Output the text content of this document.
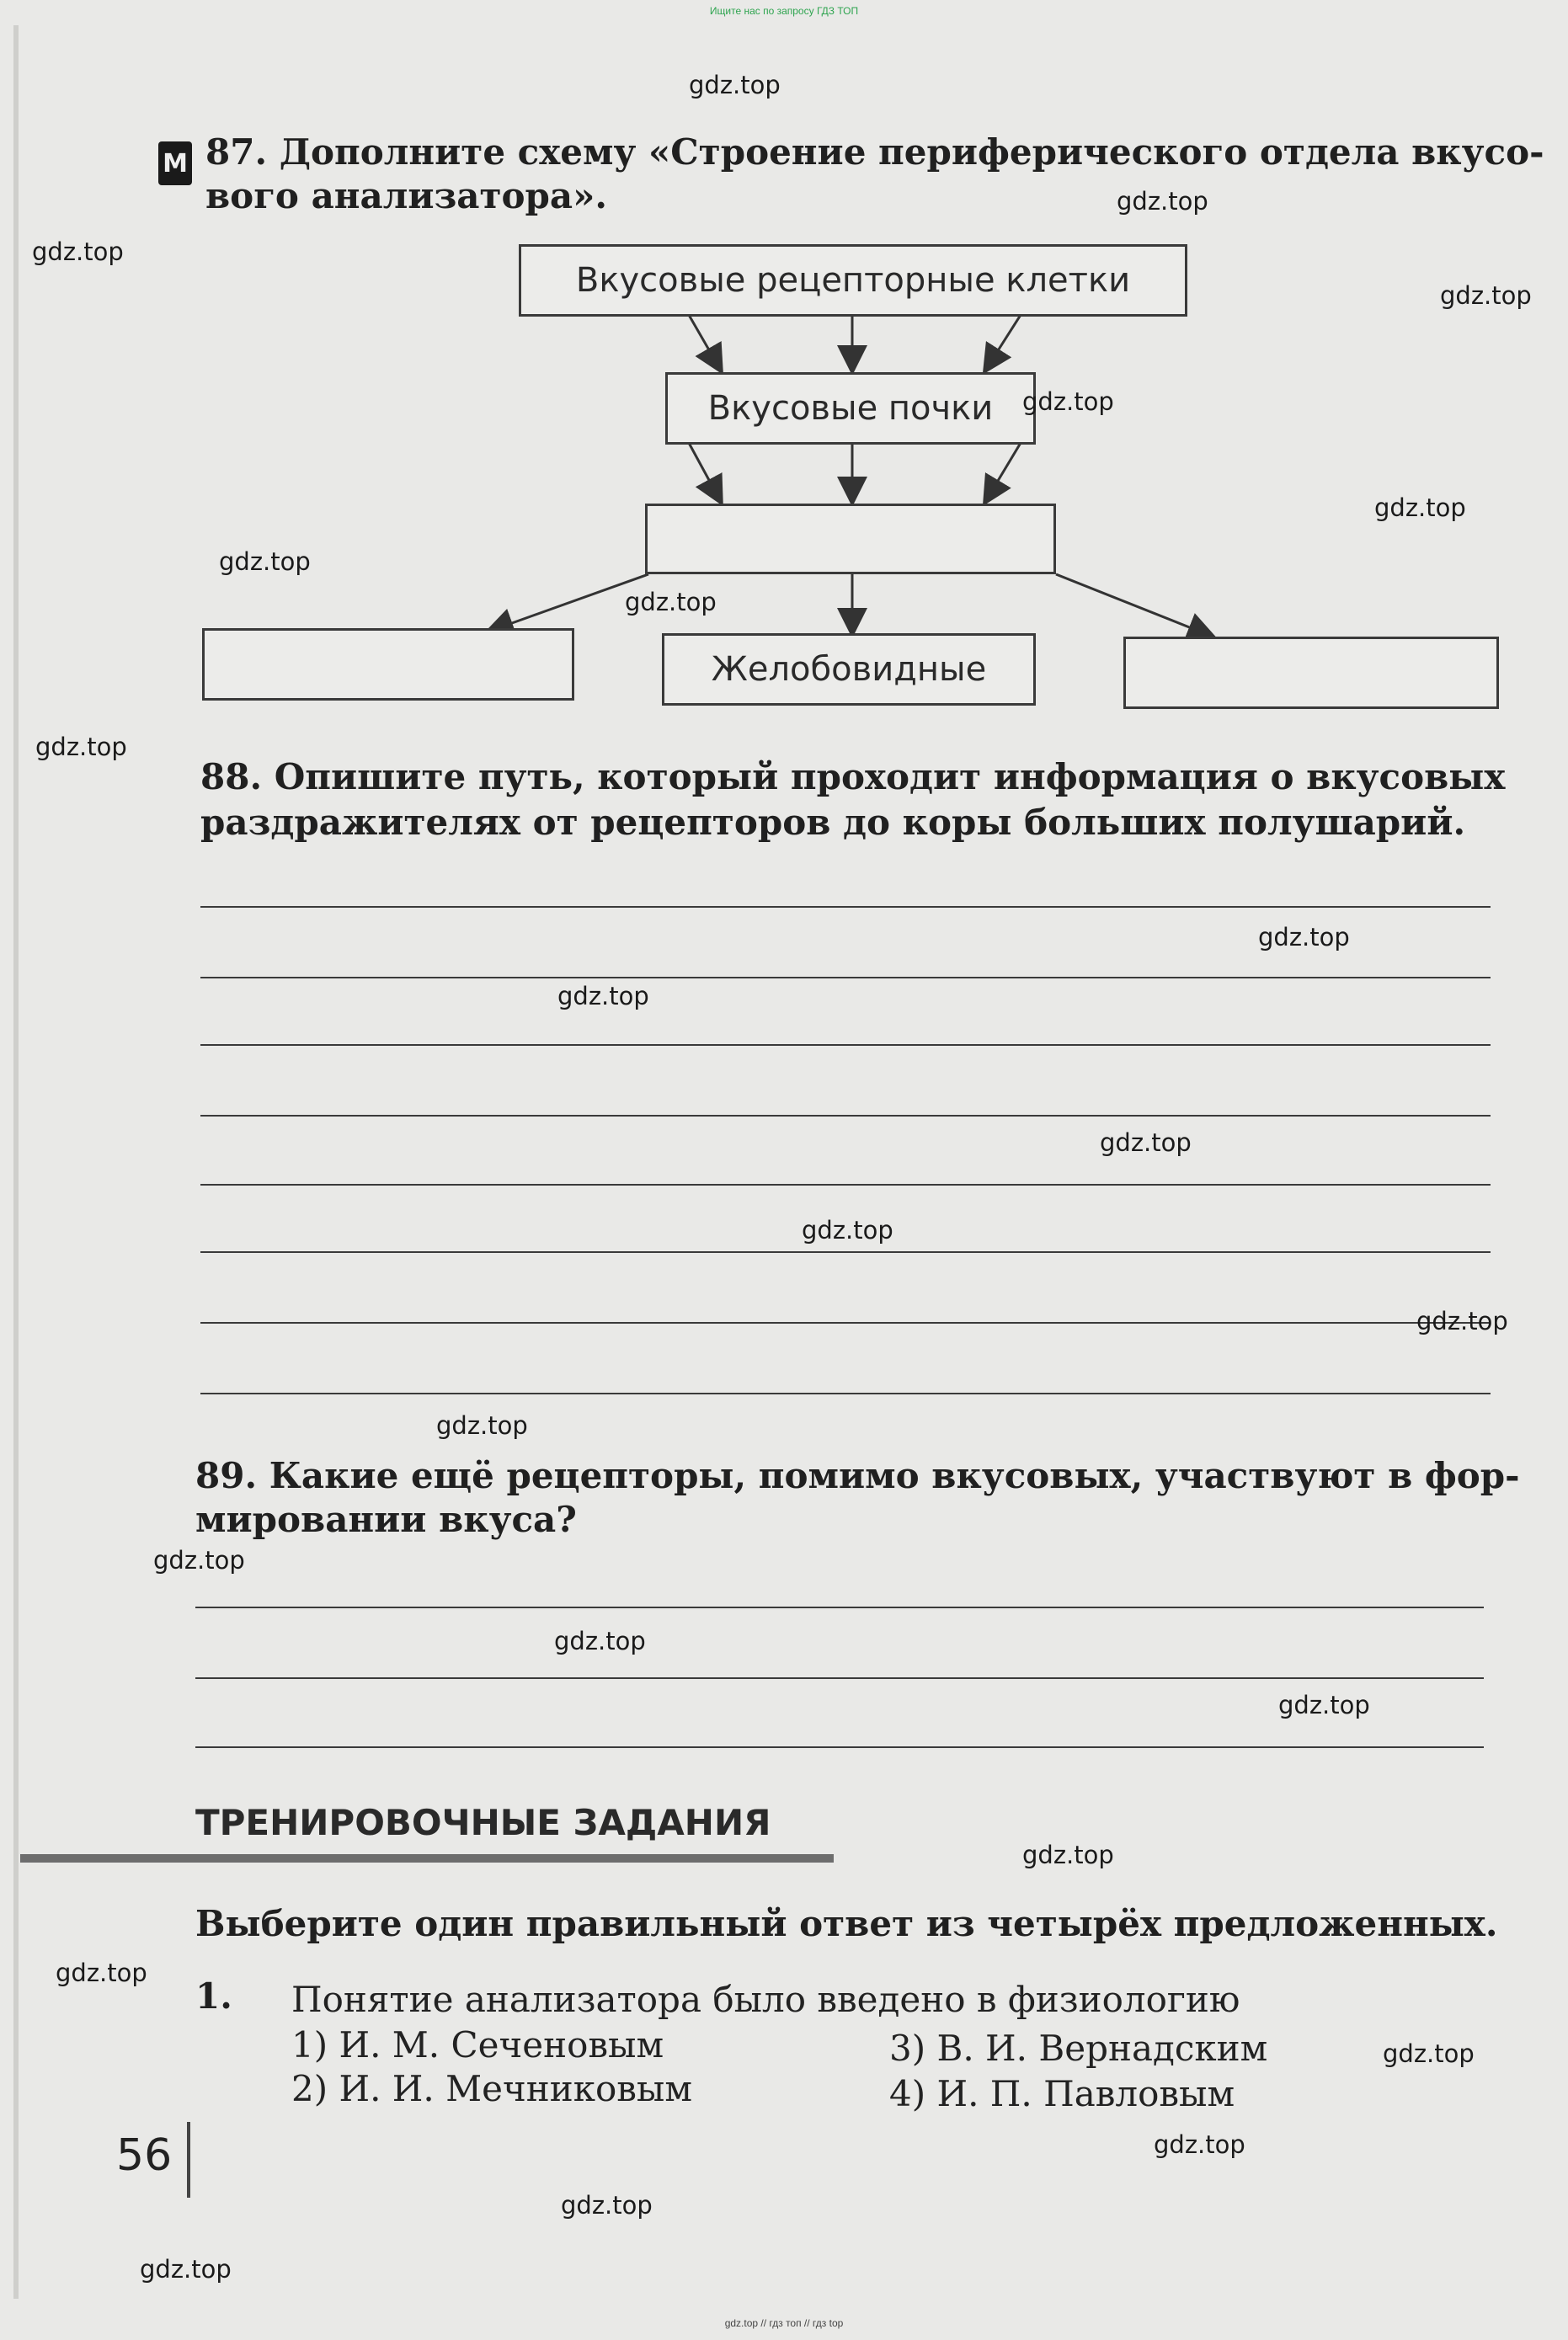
Ищите нас по запросу ГДЗ ТОП
М 87. Дополните схему «Строение периферического отдела вкусо-
вого анализатора».
Вкусовые рецепторные клетки
Вкусовые почки
Желобовидные
88. Опишите путь, который проходит информация о вкусовых
раздражителях от рецепторов до коры больших полушарий.
89. Какие ещё рецепторы, помимо вкусовых, участвуют в фор-
мировании вкуса?
ТРЕНИРОВОЧНЫЕ ЗАДАНИЯ
Выберите один правильный ответ из четырёх предложенных.
1. Понятие анализатора было введено в физиологию
1) И. М. Сеченовым
2) И. И. Мечниковым
3) В. И. Вернадским
4) И. П. Павловым
56
gdz.top
gdz.top
gdz.top
gdz.top
gdz.top
gdz.top
gdz.top
gdz.top
gdz.top
gdz.top
gdz.top
gdz.top
gdz.top
gdz.top
gdz.top
gdz.top
gdz.top
gdz.top
gdz.top
gdz.top
gdz.top
gdz.top
gdz.top
gdz.top
gdz.top // гдз топ // гдз top
